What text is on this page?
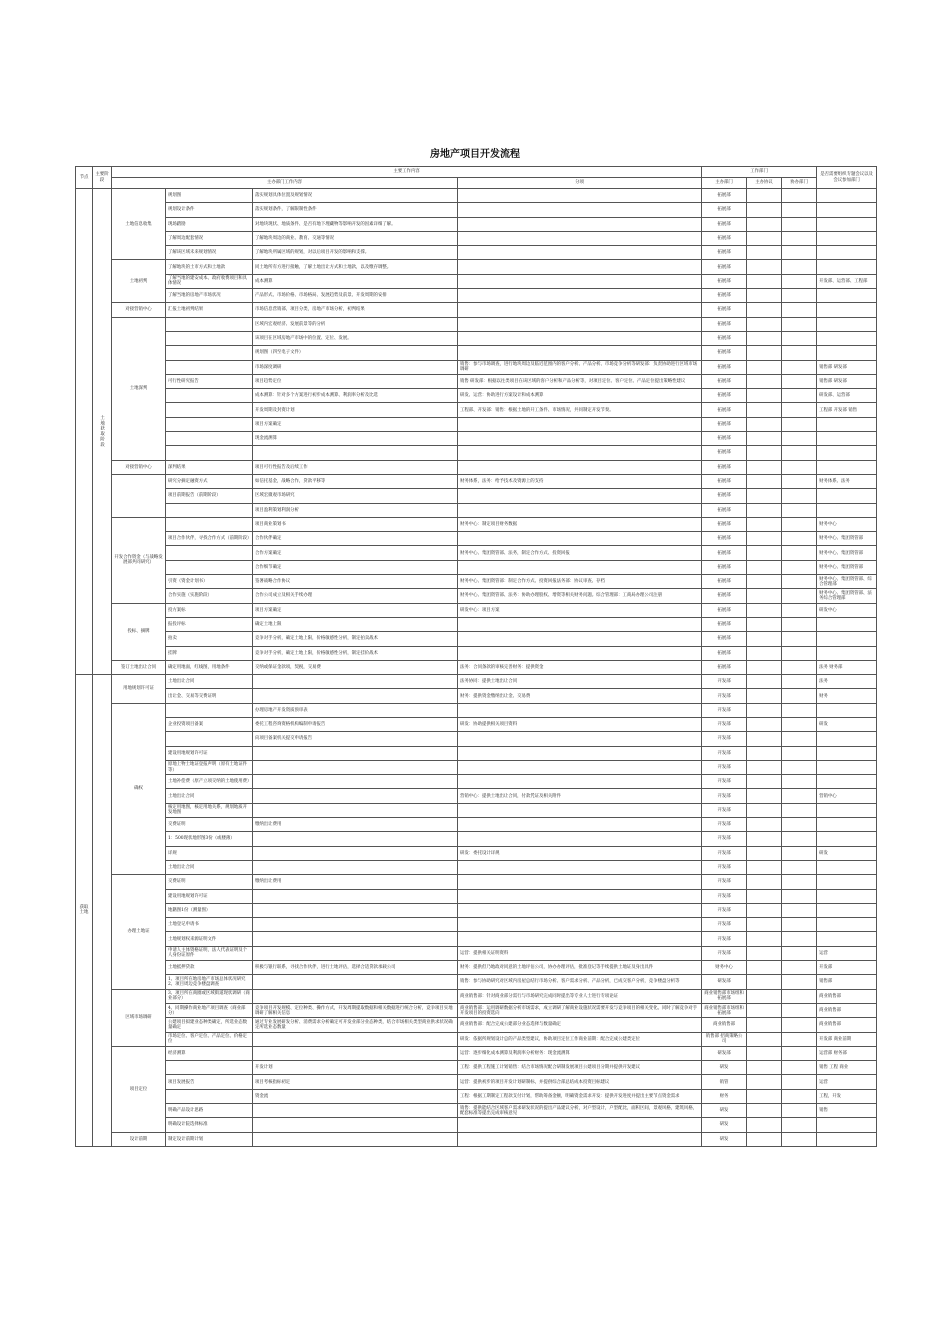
房地产项目开发流程
节点	主要阶段	主要工作内容				工作部门			是否需要组织专题会议以及会议参加部门
		主办部门工作内容			分项	主办部门	主办协议	协办部门	

	土地获取阶段	土地信息收集	规划图	落实规划具体位置及规划情况		拓展部			
			规划设计条件	落实规划条件，了解限制性条件		拓展部			
			现场踏勘	对地块现状、地质条件、是否有地下埋藏物等影响开发的因素详细了解。		拓展部			
			了解周边配套情况	了解地块周边的商业、教育、交通等情况		拓展部			
			了解该区域未来规划情况	了解地块所属区域的规划，对以后项目开发的影响和支撑。		拓展部			
		土地初判	了解地块的土市方式和土地款	同土地所有方进行接触，了解土地出让方式和土地款，以及缴存调整。		拓展部			
			了解当地的建安成本、政府收费项目和具体情况	成本测算		拓展部			开发部、运营部、工程部
			了解当地的房地产市场状况	产品形式、市场价格、市场格局、发展趋势及前景、开发周期的安排		拓展部			
		对接营销中心	汇报土地初判结果	市场信息营销部，项目分类，房地产市场分析，初判结果		拓展部			
		土地深判		区域内宏观经济、发展前景等的分析		拓展部			
				该项目在区域房地产市场中的位置、定位、发展。		拓展部			
				规划图（四至电子文件）		拓展部			
				市场深度调研	销售：参与市场调查，进行地块周边及临近范围内的客户分析、产品分析、市场竞争分析等研发部：负责协助进行区域市场调研	拓展部			销售部 研发部
			可行性研究报告	项目趋势定位	销售 研发部：根据以往类项目在该区域的客户分析和产品分析等，对项目定位、客户定位、产品定位提出策略性建议	拓展部			销售部 研发部
				成本测算：针对多个方案进行初步成本测算、利润率分析及比选	研发、运营：协助进行方案设计和成本测算	拓展部			研发部、运营部
				开发周期及封资计划	工程部、开发部：销售：根据土地的开工条件、市场情况，共同制定开发节奏。	拓展部			工程部 开发部 销售
				项目方案确定		拓展部			
				现金流测算		拓展部			
						拓展部			
		对接营销中心	深判结果	项目可行性报告及后续工作		拓展部			
			研究分摘定融资方式	如信托基金，战略合作，贷款平移等	财务体系，法务：给予技术及资源上的支持	拓展部			财务体系、法务
			项目前期报告（前期阶段）	区域宏微观市场研究		拓展部			
				项目盈利策划利润分析		拓展部			
		开发合作资金（与战略发展部共同研究）		项目商业策划书	财务中心：制定项目财务数据	拓展部			财务中心
			项目合作伙伴，寻找合作方式（前期阶段）	合作伙伴确定		拓展部			财务中心、集团资管部
				合作方案确定	财务中心、集团资管部、法务，制定合作方式、投资回报	拓展部			财务中心、集团资管部
				合作细节确定		拓展部			财务中心、集团资管部
			引资（资金计划书）	签署战略合作协议	财务中心、集团资管部：制定合作方式、投资回报法务部：协议审查、存档	拓展部			财务中心、集团资管部、综合管理部
			合作实施（实施阶段）	合作公司成立及相关手续办理	财务中心、集团资管部、法务：协助办理股权、增资等相关财务问题。综合管理部：工商局办理公司注册	拓展部			财务中心、集团资管部、法务综合管理部
		投标、摘牌	投方案标	项目方案确定	研发中心：项目方案	拓展部			研发中心
			报投评标	确定土地上限		拓展部			
			拍卖	竞争对手分析，确定土地上限，价格敏感性分析，制定拍卖战术		拓展部			
			挂牌	竞争对手分析，确定土地上限，价格敏感性分析，制定挂价战术		拓展部			
		签订土地出让合同	确定用地面，红线图，用地条件	交纳或保证金款项，契税，交易费	法务：合同条款的审核完善财务：提供资金	拓展部			法务 财务部
获取土地		用地规划许可证	土地出让合同		法务协同：提供土地出让合同	开发部			法务
			出让金、交易等交费证明		财务：提供资金缴纳出让金、交易费	开发部			财务
		确权		办理房地产开发资质预审表		开发部			
			企业投资项目备案	委托工程咨询资格机构编制申请报告	研发：协助提供相关项目资料	开发部			研发
				向项目备案机关提交申请报告		开发部			
			建设用地规划许可证			开发部			
			原地上物土地证登报声明（原有土地证件等）			开发部			
			土地补偿费（原产立项交纳的土地使用费）			开发部			
			土地出让合同		营销中心：提供土地出让合同，付款凭证及相关附件	开发部			营销中心
			核定用地图，核定用地关系，规划地质开发地图			开发部			
			交费证明	缴纳出让费用		开发部			
			1：500现状地形图3份（或楼薄）			开发部			
			详规		研发：委托设计详规	开发部			研发
			土地出让合同			开发部			
		办理土地证	交费证明	缴纳出让费用		开发部			
			建设用地规划许可证			开发部			
			地籍图1份（测量图）			开发部			
			土地登记申请书			开发部			
			土地规划权来源证明文件			开发部			
			申请人主体资格证明，法人代表证明及个人身份证原件		运营：提供相关证明资料	开发部			运营
			土地抵押贷款	积极与银行联系，寻找合作伙伴，进行土地评估，选择合适贷款承载公司	财务：提供但乃地政对同意的土地评估公司，协办办理评估，批准登记等手续提供土地证及身出具件	财务中心			开发部
			1、项目所在地房地产市场总体状况研究 2、项目周边竞争楼盘调查		销售：参与协助研究对区域内房屋总结行市场分析、客户需求分析、产品分析，已成交客户分析，竞争楼盘分析等	研发部			销售部
		区域市场调研	3、项目所在商圈或区域街道现状调研（商业部分）		商业销售部：针对商业部分需行与市场研究完成同时提出等专业人士进行专项论证	商业销售部市场组和拓展部			商业销售部
			4、同期操作商业地产项目调查（商业部分）	竞争项目开发规模、定位种类、操作方式，开发周期提取数据和相关数据进行统合分析，竞争项目实地调研了解相关信息	商业销售部：运用调研数据分析市场需求，成立调研了解商业设施状况需要开发与竞争项目的相关变化。同时了解竞争对手开发项目的投资选向	商业销售部市场组和拓展部			商业销售部
			公建项目拟建业态种类确定，所选业态数量确定	通过专业发展研发分析、消费需求分析确定可开发业部分业态种类，结合市场相关类型商业供求状况确定所选业态数量	商业销售部：配合完成公建部分业态选择与数量确定	商业销售部			商业销售部
			市场定位、客户定位、产品定位、价格定位		研发：依据所规划设计总的产品类型建议，协助项目定位工作商业前期：配合完成公建类定位	销售部 招商策略公司			开发部 商业前期
		项目定位	经济测算		运营：逐步细化成本测算及利润率分析财务：现金流测算	研发部			运营部 财务部
				开发计划	工程：提供工程施工计划销售：结合市场情况配合研制发展项目公建项目分期并提供开发建议	研发			销售 工程 商业
			项目发展报告	项目考核指标初定	运营：提供初步的项目开发计划研制标，并提供综合部总结成本投资目标建议	销管			运营
				资金流	工程：根据工期制定工程款支付计划，帮助筹备金额，明确资金需求开发：提供开发进度并提出主要节点资金需求	财务			工程，开发
			明确产品设计思路		销售：提供能结合区域客户需求研发状况的提出产品建议分析，对户型设计，户型配比，面积区间，景观风格，建筑风格，配套标准等提出完成审核意见	研发			销售
			明确设计院选择标准			研发			
		设计前期	制定设计前期计划			研发			
